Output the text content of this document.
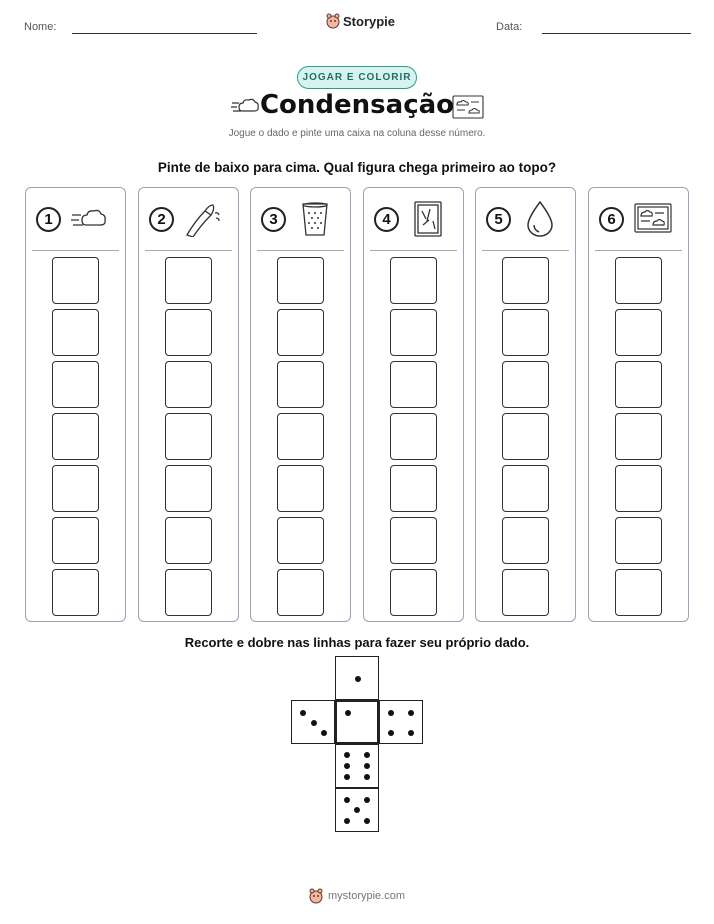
Nome:	Storypie	Data:
JOGAR E COLORIR
Condensação
Jogue o dado e pinte uma caixa na coluna desse número.
Pinte de baixo para cima. Qual figura chega primeiro ao topo?
1	2	3	4	5	6
Recorte e dobre nas linhas para fazer seu próprio dado.
mystorypie.com
